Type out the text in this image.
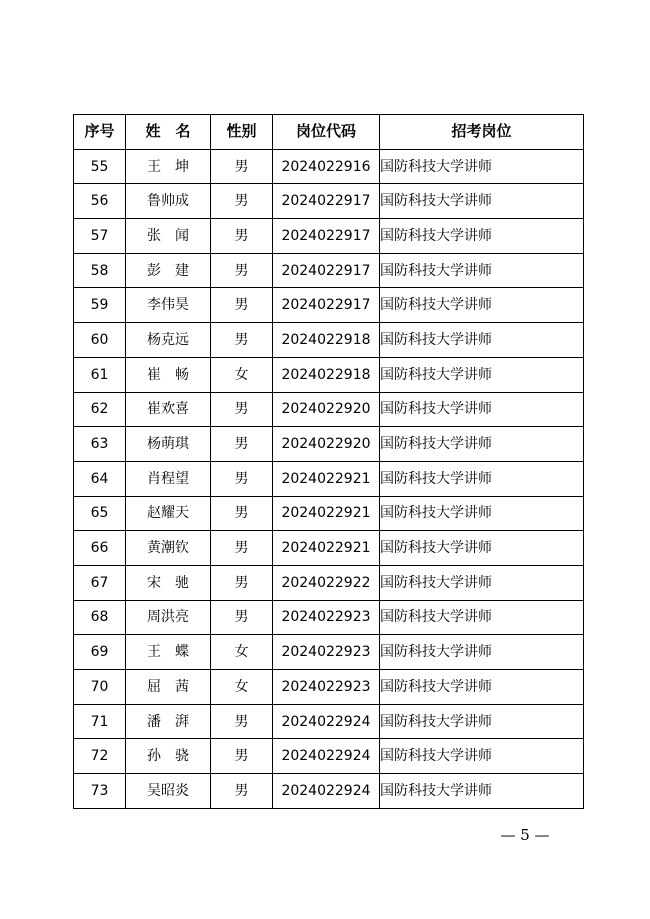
序号	姓　名	性别	岗位代码	招考岗位
55	王　坤	男	2024022916	国防科技大学讲师
56	鲁帅成	男	2024022917	国防科技大学讲师
57	张　闻	男	2024022917	国防科技大学讲师
58	彭　建	男	2024022917	国防科技大学讲师
59	李伟昊	男	2024022917	国防科技大学讲师
60	杨克远	男	2024022918	国防科技大学讲师
61	崔　畅	女	2024022918	国防科技大学讲师
62	崔欢喜	男	2024022920	国防科技大学讲师
63	杨萌琪	男	2024022920	国防科技大学讲师
64	肖程望	男	2024022921	国防科技大学讲师
65	赵耀天	男	2024022921	国防科技大学讲师
66	黄潮钦	男	2024022921	国防科技大学讲师
67	宋　驰	男	2024022922	国防科技大学讲师
68	周洪亮	男	2024022923	国防科技大学讲师
69	王　蝶	女	2024022923	国防科技大学讲师
70	屈　茜	女	2024022923	国防科技大学讲师
71	潘　湃	男	2024022924	国防科技大学讲师
72	孙　骁	男	2024022924	国防科技大学讲师
73	吴昭炎	男	2024022924	国防科技大学讲师
— 5 —
